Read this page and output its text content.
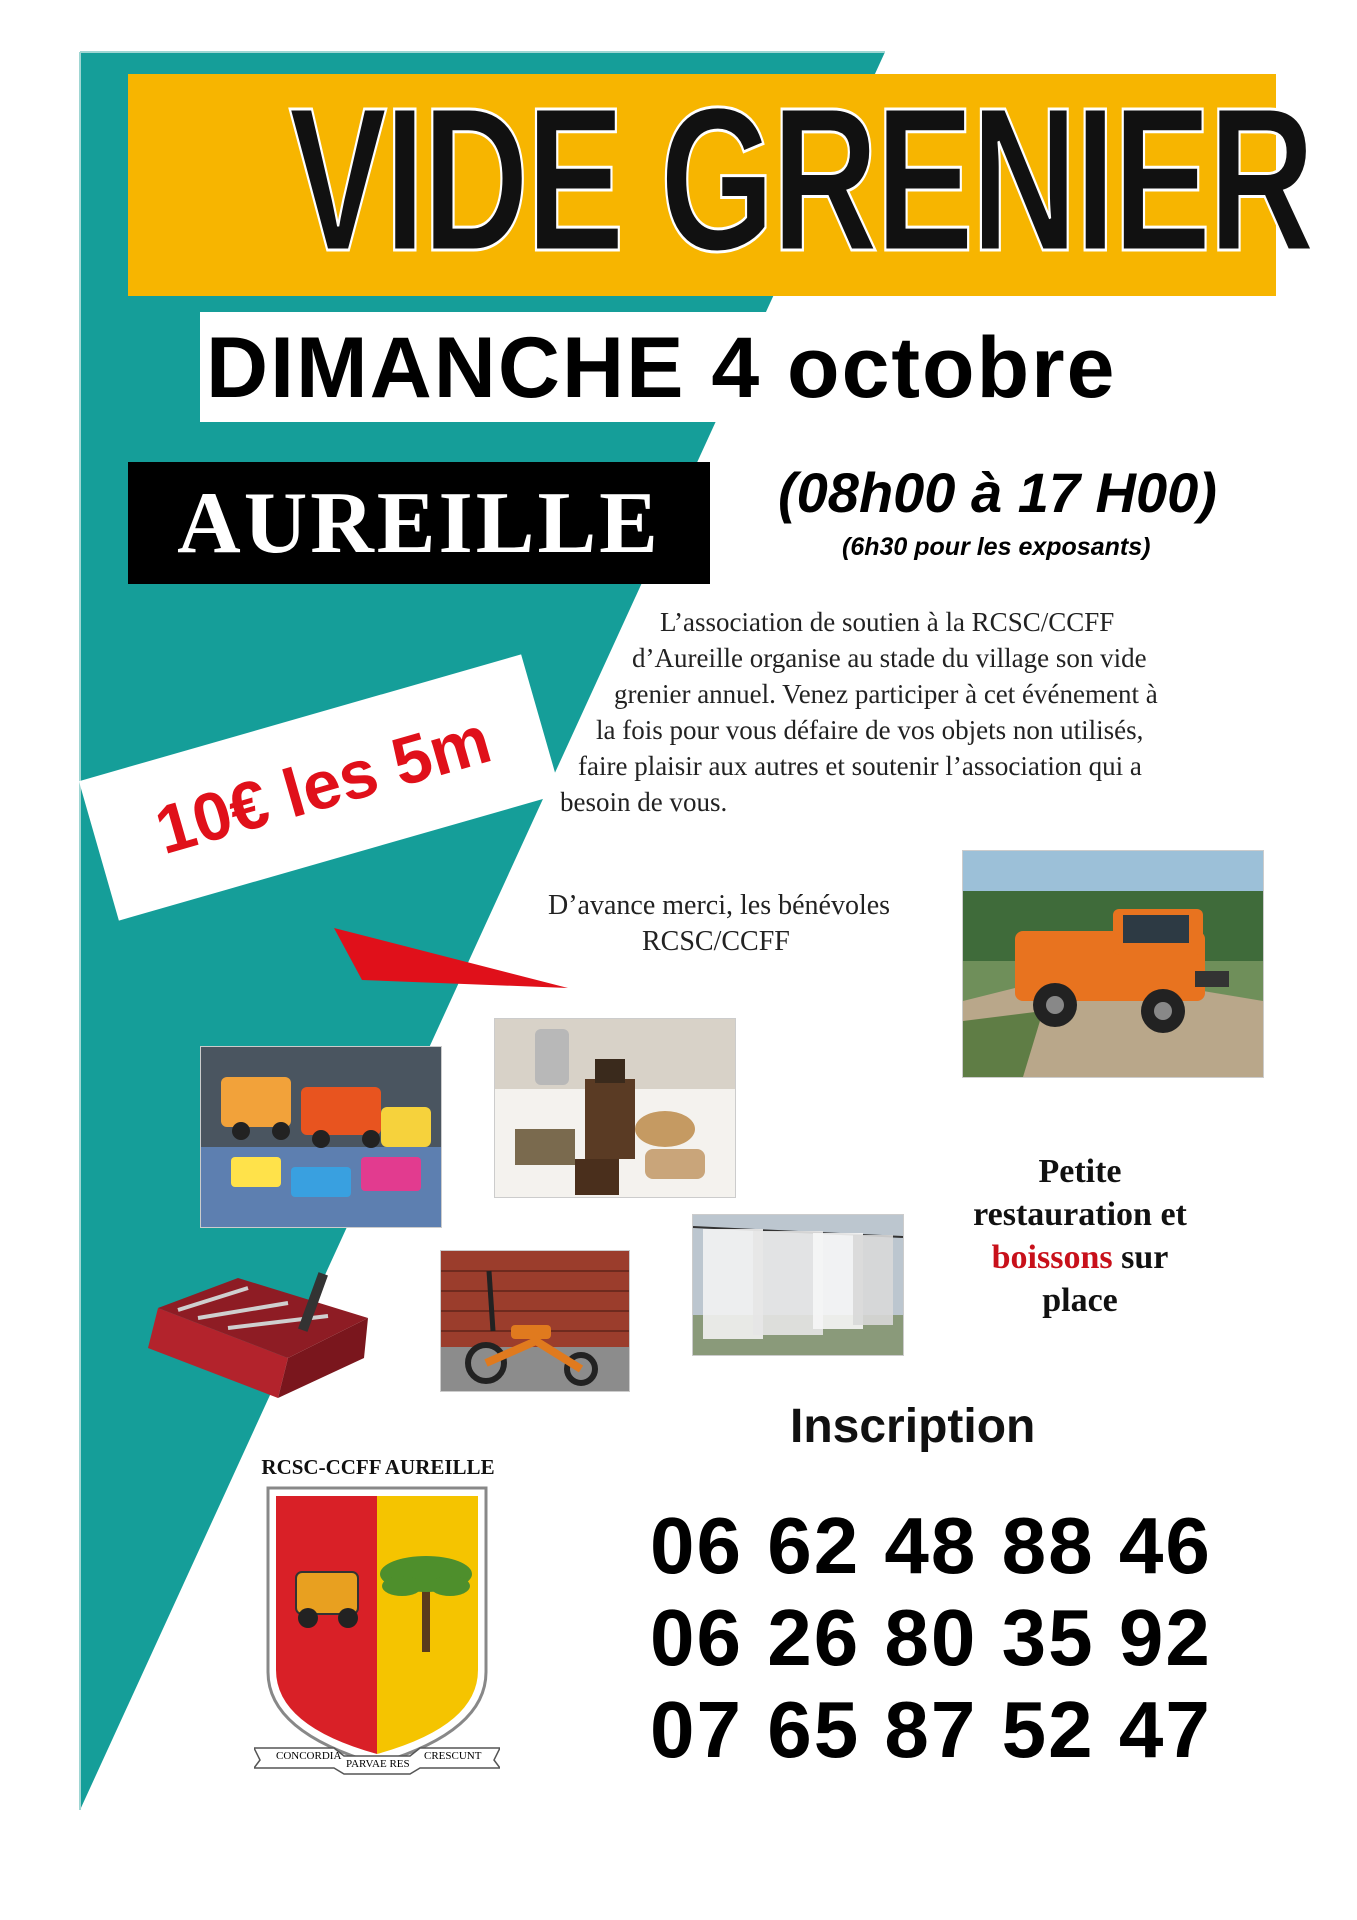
VIDE GRENIER
DIMANCHE 4 octobre
AUREILLE	(08h00 à 17 H00)
(6h30 pour les exposants)
L’association de soutien à la RCSC/CCFF
d’Aureille organise au stade du village son vide
grenier annuel. Venez participer à cet événement à
la fois pour vous défaire de vos objets non utilisés,
faire plaisir aux autres et soutenir l’association qui a
besoin de vous.
10€ les 5m
D’avance merci, les bénévoles
RCSC/CCFF
Petite
restauration et
boissons sur
place
Inscription
06 62 48 88 46
06 26 80 35 92
07 65 87 52 47
RCSC-CCFF AUREILLE
CONCORDIA
PARVAE RES
CRESCUNT
